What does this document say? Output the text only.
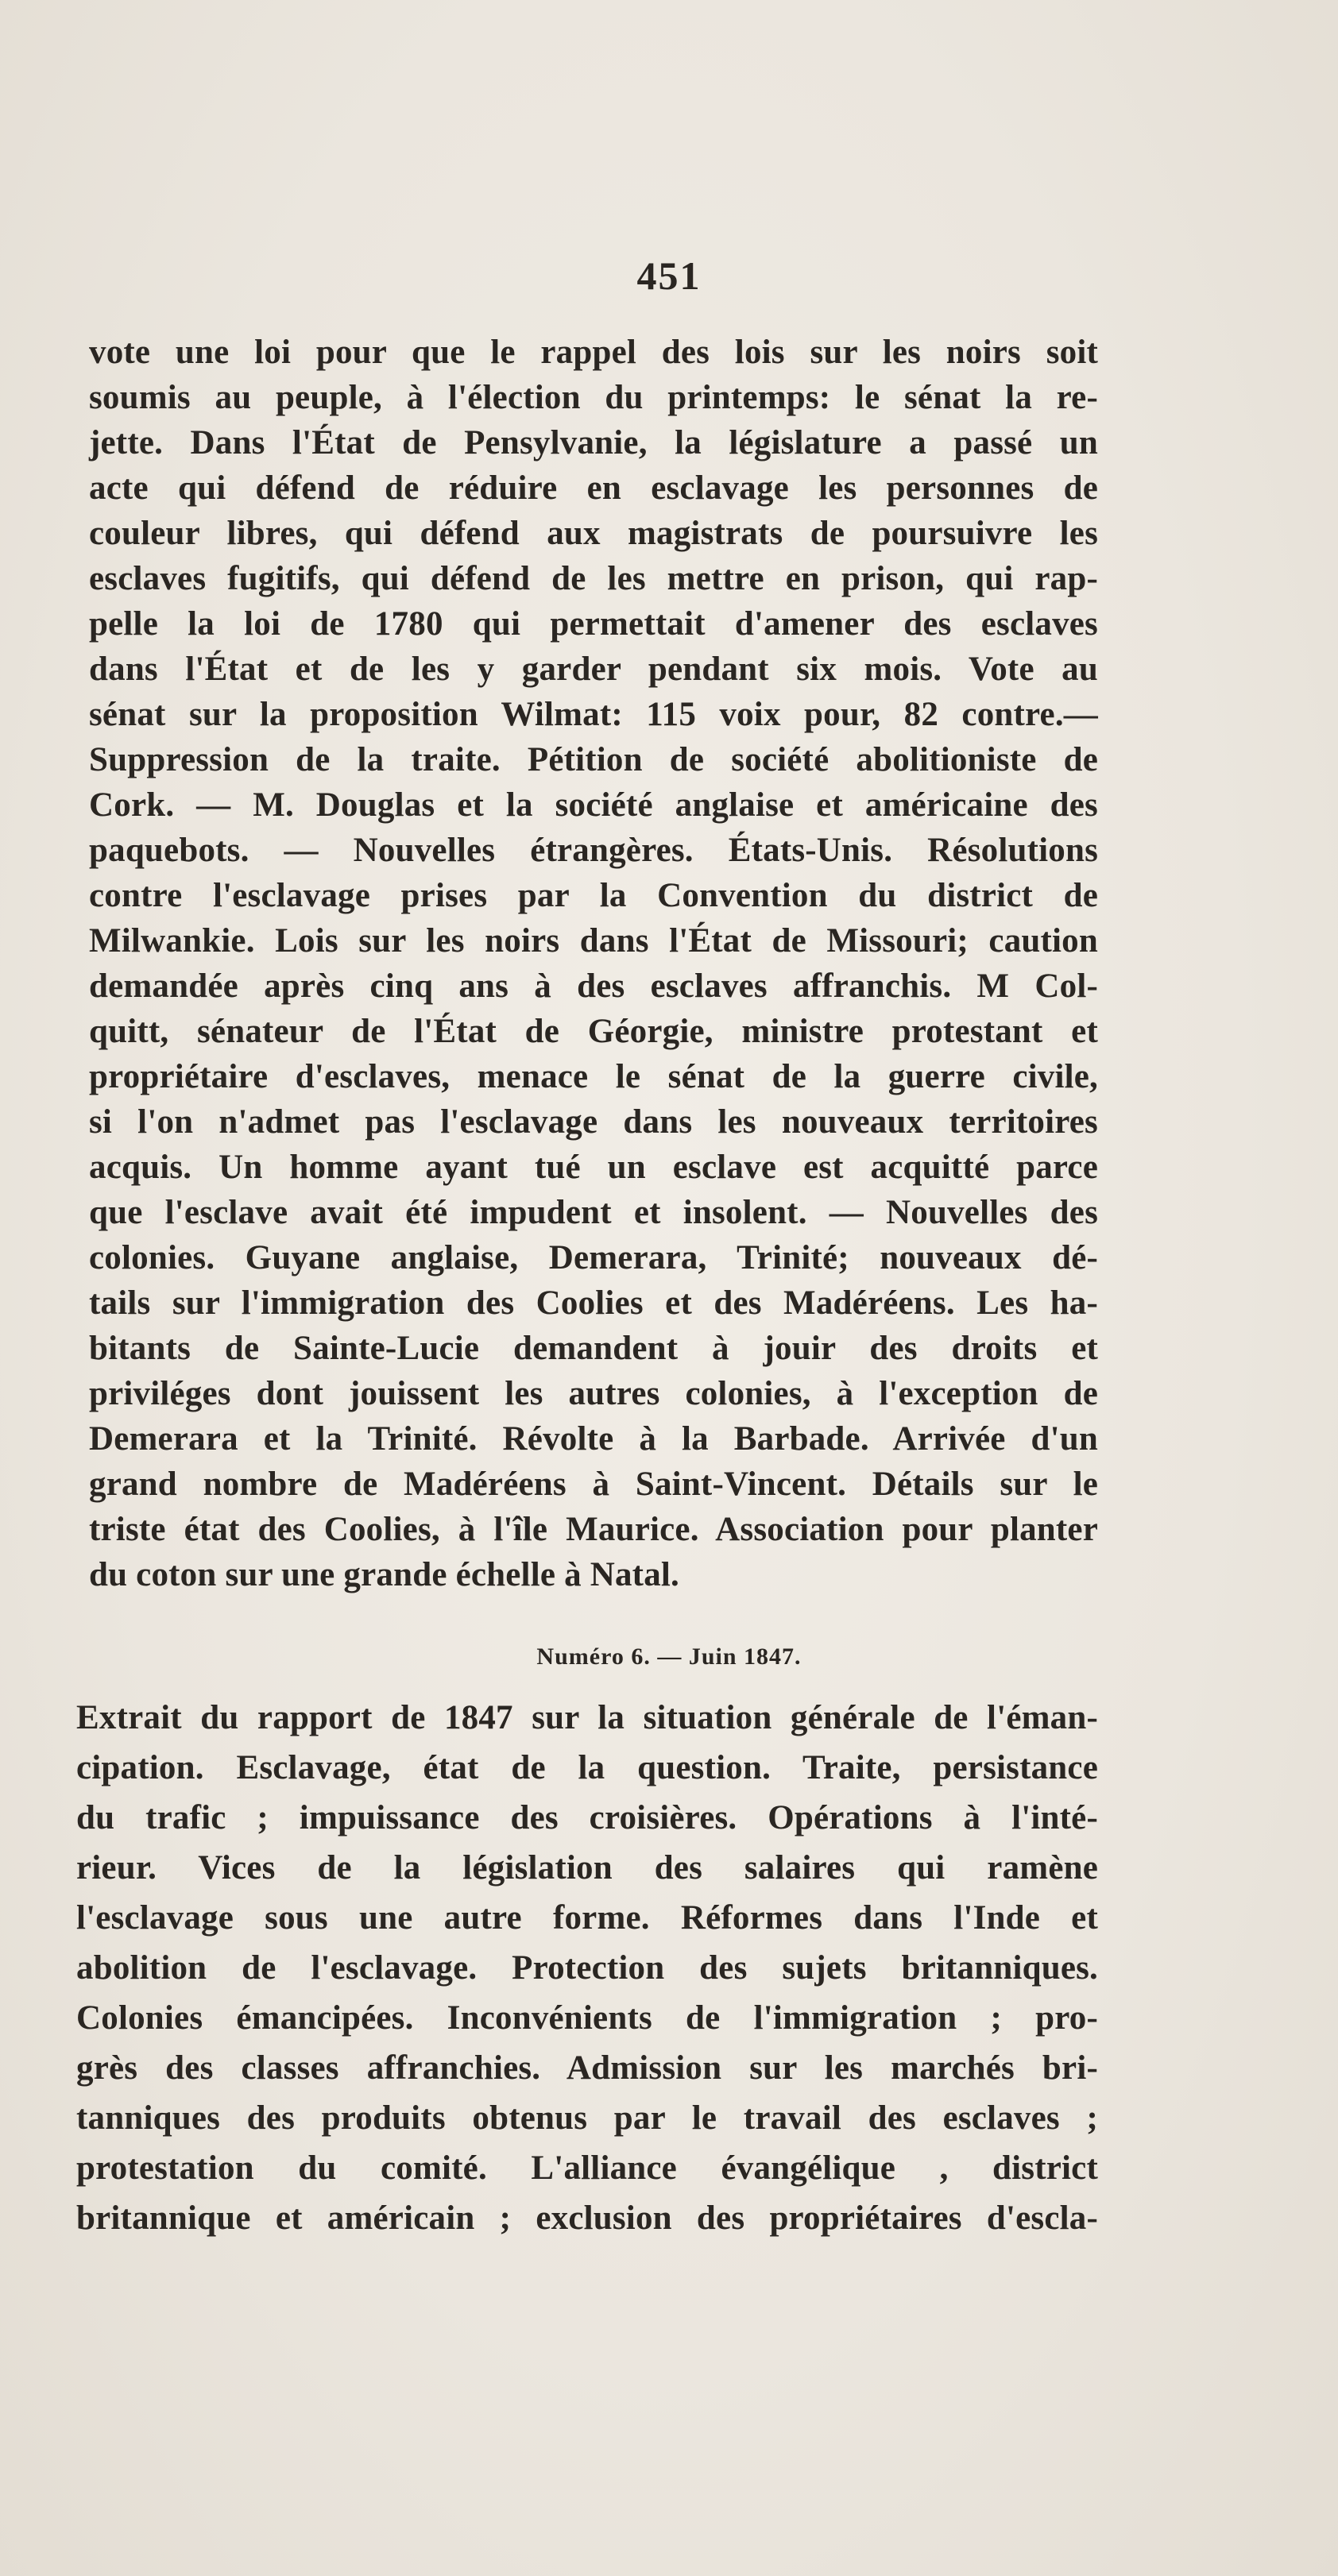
451
vote une loi pour que le rappel des lois sur les noirs soit
soumis au peuple, à l'élection du printemps: le sénat la re-
jette. Dans l'État de Pensylvanie, la législature a passé un
acte qui défend de réduire en esclavage les personnes de
couleur libres, qui défend aux magistrats de poursuivre les
esclaves fugitifs, qui défend de les mettre en prison, qui rap-
pelle la loi de 1780 qui permettait d'amener des esclaves
dans l'État et de les y garder pendant six mois. Vote au
sénat sur la proposition Wilmat: 115 voix pour, 82 contre.—
Suppression de la traite. Pétition de société abolitioniste de
Cork. — M. Douglas et la société anglaise et américaine des
paquebots. — Nouvelles étrangères. États-Unis. Résolutions
contre l'esclavage prises par la Convention du district de
Milwankie. Lois sur les noirs dans l'État de Missouri; caution
demandée après cinq ans à des esclaves affranchis. M Col-
quitt, sénateur de l'État de Géorgie, ministre protestant et
propriétaire d'esclaves, menace le sénat de la guerre civile,
si l'on n'admet pas l'esclavage dans les nouveaux territoires
acquis. Un homme ayant tué un esclave est acquitté parce
que l'esclave avait été impudent et insolent. — Nouvelles des
colonies. Guyane anglaise, Demerara, Trinité; nouveaux dé-
tails sur l'immigration des Coolies et des Madéréens. Les ha-
bitants de Sainte-Lucie demandent à jouir des droits et
priviléges dont jouissent les autres colonies, à l'exception de
Demerara et la Trinité. Révolte à la Barbade. Arrivée d'un
grand nombre de Madéréens à Saint-Vincent. Détails sur le
triste état des Coolies, à l'île Maurice. Association pour planter
du coton sur une grande échelle à Natal.
Numéro 6. — Juin 1847.
Extrait du rapport de 1847 sur la situation générale de l'éman-
cipation. Esclavage, état de la question. Traite, persistance
du trafic ; impuissance des croisières. Opérations à l'inté-
rieur. Vices de la législation des salaires qui ramène
l'esclavage sous une autre forme. Réformes dans l'Inde et
abolition de l'esclavage. Protection des sujets britanniques.
Colonies émancipées. Inconvénients de l'immigration ; pro-
grès des classes affranchies. Admission sur les marchés bri-
tanniques des produits obtenus par le travail des esclaves ;
protestation du comité. L'alliance évangélique , district
britannique et américain ; exclusion des propriétaires d'escla-
